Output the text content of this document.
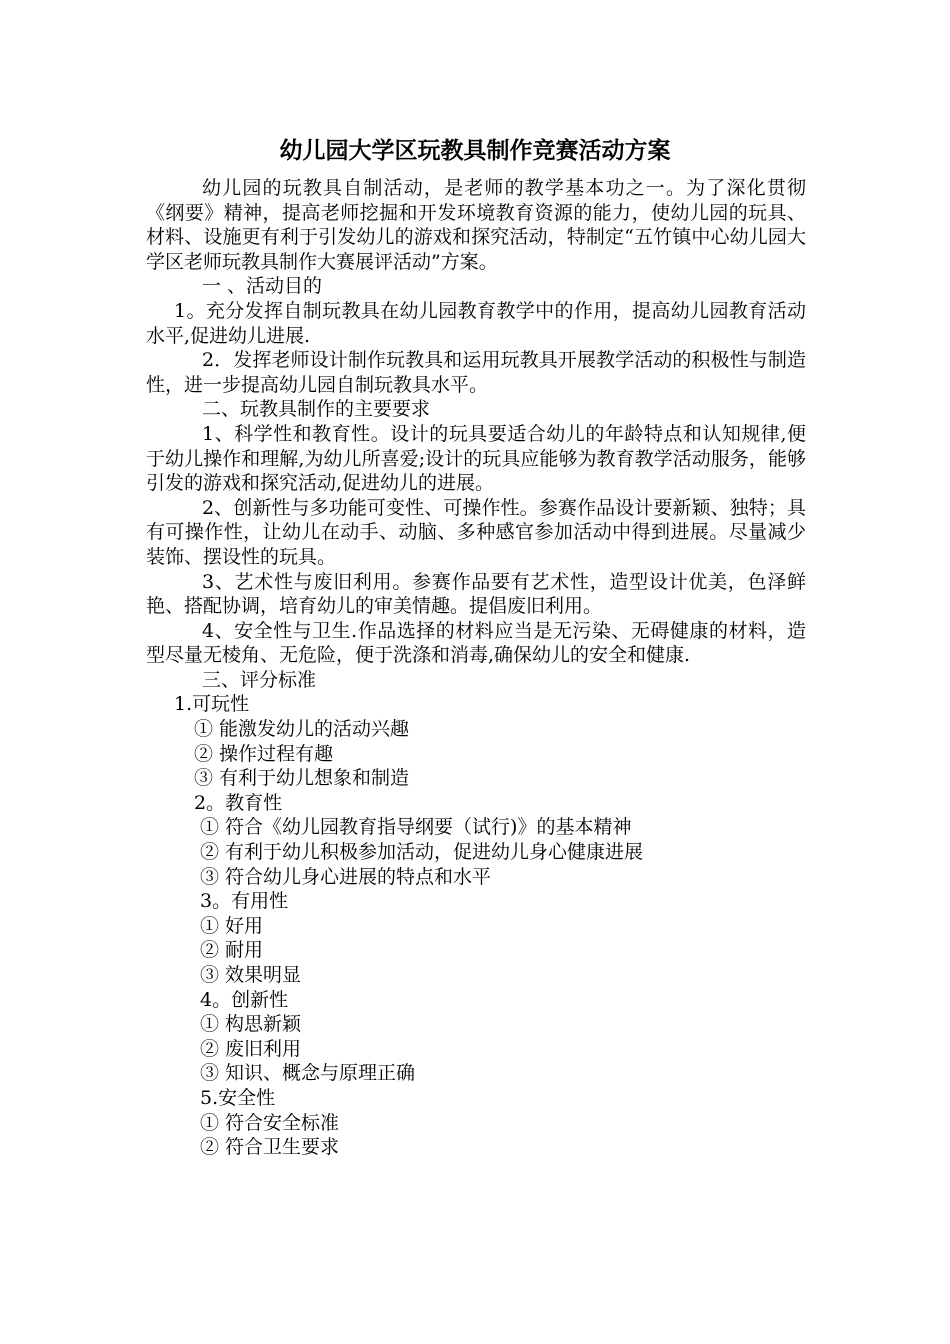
幼儿园大学区玩教具制作竞赛活动方案

幼儿园的玩教具自制活动，是老师的教学基本功之一。为了深化贯彻《纲要》精神，提高老师挖掘和开发环境教育资源的能力，使幼儿园的玩具、材料、设施更有利于引发幼儿的游戏和探究活动，特制定“五竹镇中心幼儿园大学区老师玩教具制作大赛展评活动”方案。

一 、活动目的

1。充分发挥自制玩教具在幼儿园教育教学中的作用，提高幼儿园教育活动水平,促进幼儿进展.

2．发挥老师设计制作玩教具和运用玩教具开展教学活动的积极性与制造性，进一步提高幼儿园自制玩教具水平。

二、玩教具制作的主要要求

1、科学性和教育性。设计的玩具要适合幼儿的年龄特点和认知规律,便于幼儿操作和理解,为幼儿所喜爱;设计的玩具应能够为教育教学活动服务，能够引发的游戏和探究活动,促进幼儿的进展。

2、创新性与多功能可变性、可操作性。参赛作品设计要新颖、独特；具有可操作性，让幼儿在动手、动脑、多种感官参加活动中得到进展。尽量减少装饰、摆设性的玩具。

3、艺术性与废旧利用。参赛作品要有艺术性，造型设计优美，色泽鲜艳、搭配协调，培育幼儿的审美情趣。提倡废旧利用。

4、安全性与卫生.作品选择的材料应当是无污染、无碍健康的材料，造型尽量无棱角、无危险，便于洗涤和消毒,确保幼儿的安全和健康.

三、评分标准

1.可玩性

① 能激发幼儿的活动兴趣

② 操作过程有趣

③ 有利于幼儿想象和制造

2。教育性

① 符合《幼儿园教育指导纲要（试行)》的基本精神

② 有利于幼儿积极参加活动，促进幼儿身心健康进展

③ 符合幼儿身心进展的特点和水平

3。有用性

① 好用

② 耐用

③ 效果明显

4。创新性

① 构思新颖

② 废旧利用

③ 知识、概念与原理正确

5.安全性

① 符合安全标准

② 符合卫生要求
